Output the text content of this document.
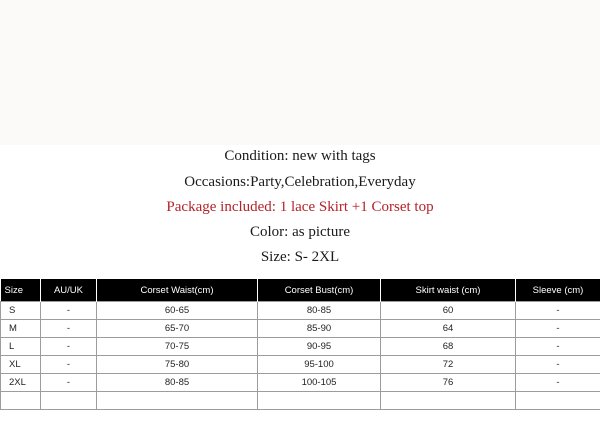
Condition: new with tags
Occasions:Party,Celebration,Everyday
Package included: 1 lace Skirt +1 Corset top
Color: as picture
Size: S- 2XL
Size	AU/UK	Corset Waist(cm)	Corset Bust(cm)	Skirt waist (cm)	Sleeve (cm)
S	-	60-65	80-85	60	-
M	-	65-70	85-90	64	-
L	-	70-75	90-95	68	-
XL	-	75-80	95-100	72	-
2XL	-	80-85	100-105	76	-
